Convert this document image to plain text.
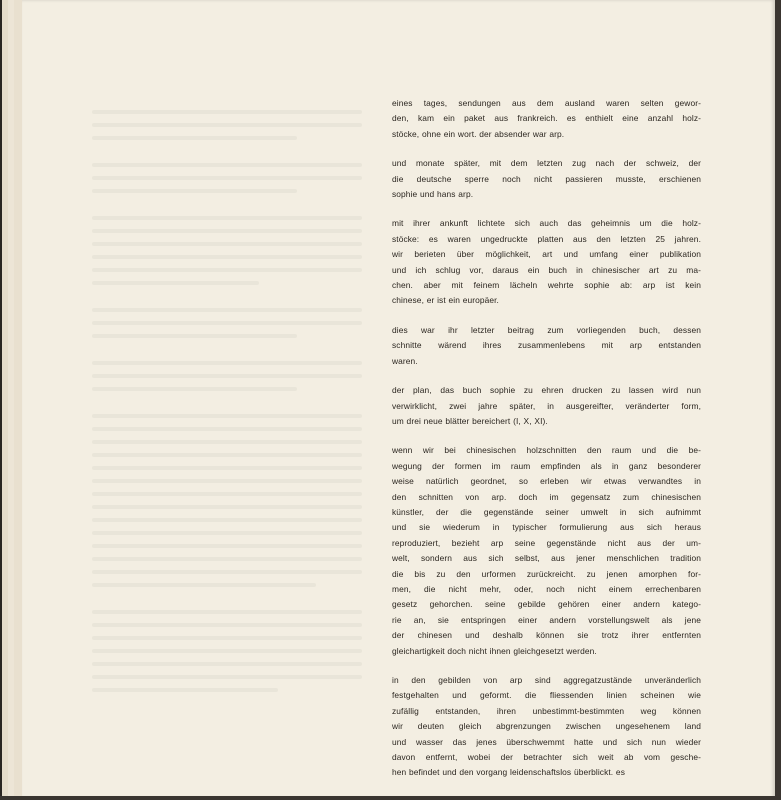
eines tages, sendungen aus dem ausland waren selten gewor-
den, kam ein paket aus frankreich. es enthielt eine anzahl holz-
stöcke, ohne ein wort. der absender war arp.

und monate später, mit dem letzten zug nach der schweiz, der
die deutsche sperre noch nicht passieren musste, erschienen
sophie und hans arp.

mit ihrer ankunft lichtete sich auch das geheimnis um die holz-
stöcke: es waren ungedruckte platten aus den letzten 25 jahren.
wir berieten über möglichkeit, art und umfang einer publikation
und ich schlug vor, daraus ein buch in chinesischer art zu ma-
chen. aber mit feinem lächeln wehrte sophie ab: arp ist kein
chinese, er ist ein europäer.

dies war ihr letzter beitrag zum vorliegenden buch, dessen
schnitte wärend ihres zusammenlebens mit arp entstanden
waren.

der plan, das buch sophie zu ehren drucken zu lassen wird nun
verwirklicht, zwei jahre später, in ausgereifter, veränderter form,
um drei neue blätter bereichert (I, X, XI).

wenn wir bei chinesischen holzschnitten den raum und die be-
wegung der formen im raum empfinden als in ganz besonderer
weise natürlich geordnet, so erleben wir etwas verwandtes in
den schnitten von arp. doch im gegensatz zum chinesischen
künstler, der die gegenstände seiner umwelt in sich aufnimmt
und sie wiederum in typischer formulierung aus sich heraus
reproduziert, bezieht arp seine gegenstände nicht aus der um-
welt, sondern aus sich selbst, aus jener menschlichen tradition
die bis zu den urformen zurückreicht. zu jenen amorphen for-
men, die nicht mehr, oder, noch nicht einem errechenbaren
gesetz gehorchen. seine gebilde gehören einer andern katego-
rie an, sie entspringen einer andern vorstellungswelt als jene
der chinesen und deshalb können sie trotz ihrer entfernten
gleichartigkeit doch nicht ihnen gleichgesetzt werden.

in den gebilden von arp sind aggregatzustände unveränderlich
festgehalten und geformt. die fliessenden linien scheinen wie
zufällig entstanden, ihren unbestimmt-bestimmten weg können
wir deuten gleich abgrenzungen zwischen ungesehenem land
und wasser das jenes überschwemmt hatte und sich nun wieder
davon entfernt, wobei der betrachter sich weit ab vom gesche-
hen befindet und den vorgang leidenschaftslos überblickt. es
